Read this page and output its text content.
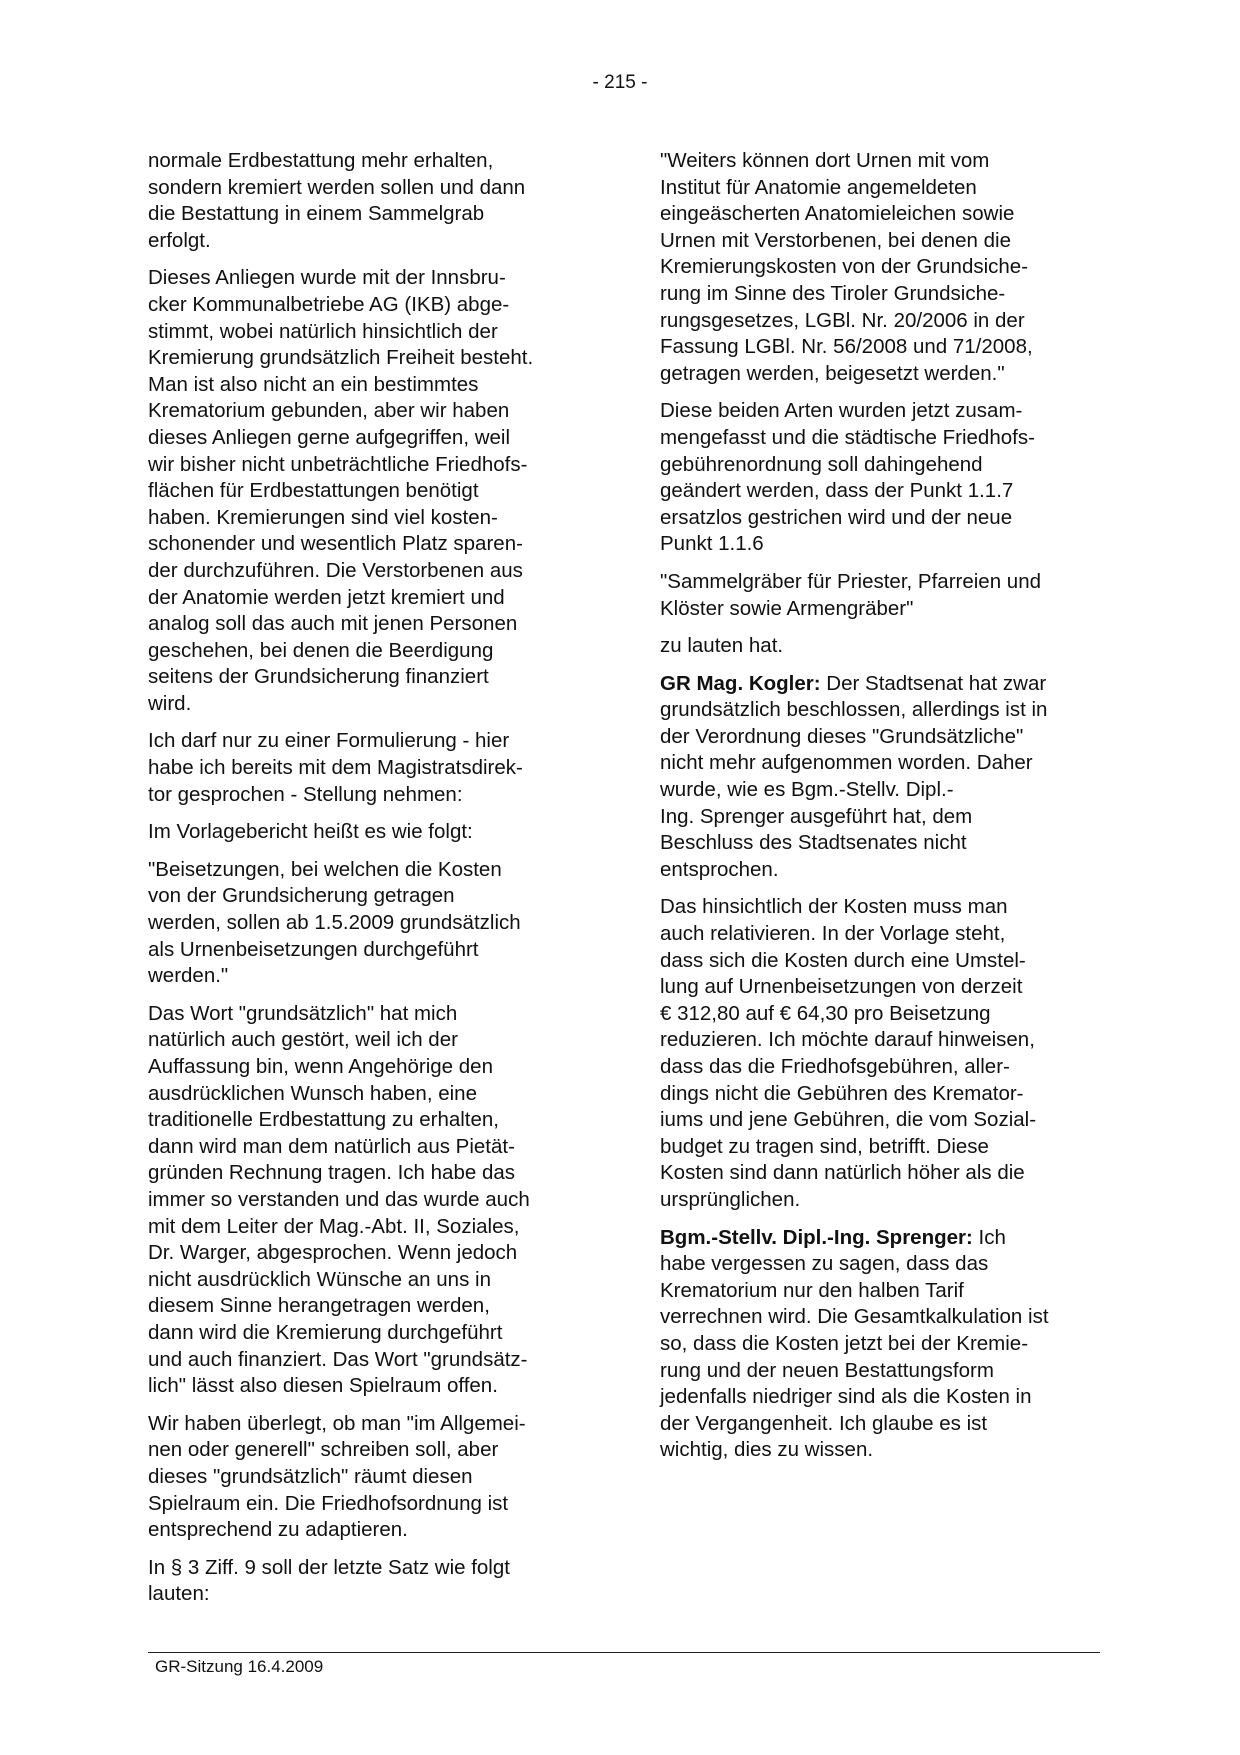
- 215 -

normale Erdbestattung mehr erhalten,
sondern kremiert werden sollen und dann
die Bestattung in einem Sammelgrab
erfolgt.

Dieses Anliegen wurde mit der Innsbru-
cker Kommunalbetriebe AG (IKB) abge-
stimmt, wobei natürlich hinsichtlich der
Kremierung grundsätzlich Freiheit besteht.
Man ist also nicht an ein bestimmtes
Krematorium gebunden, aber wir haben
dieses Anliegen gerne aufgegriffen, weil
wir bisher nicht unbeträchtliche Friedhofs-
flächen für Erdbestattungen benötigt
haben. Kremierungen sind viel kosten-
schonender und wesentlich Platz sparen-
der durchzuführen. Die Verstorbenen aus
der Anatomie werden jetzt kremiert und
analog soll das auch mit jenen Personen
geschehen, bei denen die Beerdigung
seitens der Grundsicherung finanziert
wird.

Ich darf nur zu einer Formulierung - hier
habe ich bereits mit dem Magistratsdirek-
tor gesprochen - Stellung nehmen:

Im Vorlagebericht heißt es wie folgt:

"Beisetzungen, bei welchen die Kosten
von der Grundsicherung getragen
werden, sollen ab 1.5.2009 grundsätzlich
als Urnenbeisetzungen durchgeführt
werden."

Das Wort "grundsätzlich" hat mich
natürlich auch gestört, weil ich der
Auffassung bin, wenn Angehörige den
ausdrücklichen Wunsch haben, eine
traditionelle Erdbestattung zu erhalten,
dann wird man dem natürlich aus Pietät-
gründen Rechnung tragen. Ich habe das
immer so verstanden und das wurde auch
mit dem Leiter der Mag.-Abt. II, Soziales,
Dr. Warger, abgesprochen. Wenn jedoch
nicht ausdrücklich Wünsche an uns in
diesem Sinne herangetragen werden,
dann wird die Kremierung durchgeführt
und auch finanziert. Das Wort "grundsätz-
lich" lässt also diesen Spielraum offen.

Wir haben überlegt, ob man "im Allgemei-
nen oder generell" schreiben soll, aber
dieses "grundsätzlich" räumt diesen
Spielraum ein. Die Friedhofsordnung ist
entsprechend zu adaptieren.

In § 3 Ziff. 9 soll der letzte Satz wie folgt
lauten:

"Weiters können dort Urnen mit vom
Institut für Anatomie angemeldeten
eingeäscherten Anatomieleichen sowie
Urnen mit Verstorbenen, bei denen die
Kremierungskosten von der Grundsiche-
rung im Sinne des Tiroler Grundsiche-
rungsgesetzes, LGBl. Nr. 20/2006 in der
Fassung LGBl. Nr. 56/2008 und 71/2008,
getragen werden, beigesetzt werden."

Diese beiden Arten wurden jetzt zusam-
mengefasst und die städtische Friedhofs-
gebührenordnung soll dahingehend
geändert werden, dass der Punkt 1.1.7
ersatzlos gestrichen wird und der neue
Punkt 1.1.6

"Sammelgräber für Priester, Pfarreien und
Klöster sowie Armengräber"

zu lauten hat.

GR Mag. Kogler: Der Stadtsenat hat zwar
grundsätzlich beschlossen, allerdings ist in
der Verordnung dieses "Grundsätzliche"
nicht mehr aufgenommen worden. Daher
wurde, wie es Bgm.-Stellv. Dipl.-
Ing. Sprenger ausgeführt hat, dem
Beschluss des Stadtsenates nicht
entsprochen.

Das hinsichtlich der Kosten muss man
auch relativieren. In der Vorlage steht,
dass sich die Kosten durch eine Umstel-
lung auf Urnenbeisetzungen von derzeit
€ 312,80 auf € 64,30 pro Beisetzung
reduzieren. Ich möchte darauf hinweisen,
dass das die Friedhofsgebühren, aller-
dings nicht die Gebühren des Kremator-
iums und jene Gebühren, die vom Sozial-
budget zu tragen sind, betrifft. Diese
Kosten sind dann natürlich höher als die
ursprünglichen.

Bgm.-Stellv. Dipl.-Ing. Sprenger: Ich
habe vergessen zu sagen, dass das
Krematorium nur den halben Tarif
verrechnen wird. Die Gesamtkalkulation ist
so, dass die Kosten jetzt bei der Kremie-
rung und der neuen Bestattungsform
jedenfalls niedriger sind als die Kosten in
der Vergangenheit. Ich glaube es ist
wichtig, dies zu wissen.

GR-Sitzung 16.4.2009
